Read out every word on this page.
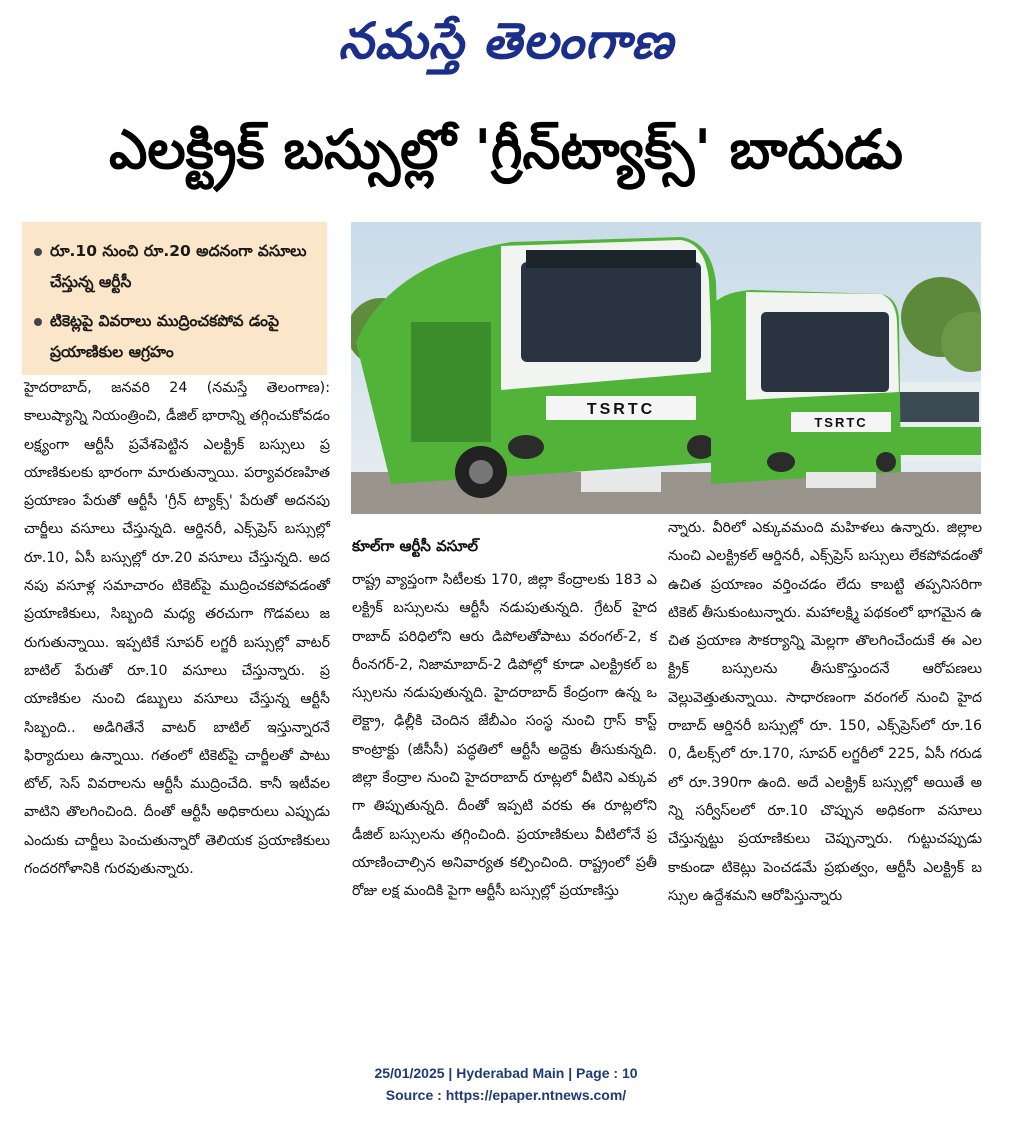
నమస్తే తెలంగాణ
ఎలక్ట్రిక్ బస్సుల్లో 'గ్రీన్‌ట్యాక్స్' బాదుడు
రూ.10 నుంచి రూ.20 అదనంగా వసూలు చేస్తున్న ఆర్టీసీ
టికెట్లపై వివరాలు ముద్రించకపోవ డంపై ప్రయాణికుల ఆగ్రహం
TSRTC
TSRTC
హైదరాబాద్, జనవరి 24 (నమస్తే తెలంగాణ): కాలుష్యాన్ని నియంత్రించి, డీజిల్ భారాన్ని తగ్గించుకోవడం లక్ష్యంగా ఆర్టీసీ ప్రవేశపెట్టిన ఎలక్ట్రిక్ బస్సులు ప్రయాణికులకు భారంగా మారుతున్నాయి. పర్యావరణహిత ప్రయాణం పేరుతో ఆర్టీసీ 'గ్రీన్ ట్యాక్స్' పేరుతో అదనపు చార్జీలు వసూలు చేస్తున్నది. ఆర్డినరీ, ఎక్స్‌ప్రెస్ బస్సుల్లో రూ.10, ఏసీ బస్సుల్లో రూ.20 వసూలు చేస్తున్నది. అదనపు వసూళ్ల సమాచారం టికెట్‌పై ముద్రించకపోవడంతో ప్రయాణికులు, సిబ్బంది మధ్య తరచుగా గొడవలు జరుగుతున్నాయి. ఇప్పటికే సూపర్ లగ్జరీ బస్సుల్లో వాటర్ బాటిల్ పేరుతో రూ.10 వసూలు చేస్తున్నారు. ప్రయాణికుల నుంచి డబ్బులు వసూలు చేస్తున్న ఆర్టీసీ సిబ్బంది.. అడిగితేనే వాటర్ బాటిల్ ఇస్తున్నారనే ఫిర్యాదులు ఉన్నాయి. గతంలో టికెట్‌పై చార్జీలతో పాటు టోల్, సెస్ వివరాలను ఆర్టీసీ ముద్రించేది. కానీ ఇటీవల వాటిని తొలగించింది. దీంతో ఆర్టీసీ అధికారులు ఎప్పుడు ఎందుకు చార్జీలు పెంచుతున్నారో తెలియక ప్రయాణికులు గందరగోళానికి గురవుతున్నారు.
కూల్‌గా ఆర్టీసీ వసూల్
రాష్ట్ర వ్యాప్తంగా సిటీలకు 170, జిల్లా కేంద్రాలకు 183 ఎలక్ట్రిక్ బస్సులను ఆర్టీసీ నడుపుతున్నది. గ్రేటర్ హైదరాబాద్ పరిధిలోని ఆరు డిపోలతోపాటు వరంగల్-2, కరీంనగర్-2, నిజామాబాద్-2 డిపోల్లో కూడా ఎలక్ట్రికల్ బస్సులను నడుపుతున్నది. హైదరాబాద్ కేంద్రంగా ఉన్న ఒలెక్ట్రా, ఢిల్లీకి చెందిన జేబీఎం సంస్థ నుంచి గ్రాస్ కాస్ట్ కాంట్రాక్టు (జీసీసీ) పద్ధతిలో ఆర్టీసీ అద్దెకు తీసుకున్నది. జిల్లా కేంద్రాల నుంచి హైదరాబాద్ రూట్లలో వీటిని ఎక్కువగా తిప్పుతున్నది. దీంతో ఇప్పటి వరకు ఈ రూట్లలోని డీజిల్ బస్సులను తగ్గించింది. ప్రయాణికులు వీటిలోనే ప్రయాణించాల్సిన అనివార్యత కల్పించింది. రాష్ట్రంలో ప్రతీ రోజు లక్ష మందికి పైగా ఆర్టీసీ బస్సుల్లో ప్రయాణిస్తు
న్నారు. వీరిలో ఎక్కువమంది మహిళలు ఉన్నారు. జిల్లాల నుంచి ఎలక్ట్రికల్ ఆర్డినరీ, ఎక్స్‌ప్రెస్ బస్సులు లేకపోవడంతో ఉచిత ప్రయాణం వర్తించడం లేదు కాబట్టి తప్పనిసరిగా టికెట్ తీసుకుంటున్నారు. మహాలక్ష్మి పథకంలో భాగమైన ఉచిత ప్రయాణ సౌకర్యాన్ని మెల్లగా తొలగించేందుకే ఈ ఎలక్ట్రిక్ బస్సులను తీసుకొస్తుందనే ఆరోపణలు వెల్లువెత్తుతున్నాయి. సాధారణంగా వరంగల్ నుంచి హైదరాబాద్ ఆర్డినరీ బస్సుల్లో రూ. 150, ఎక్స్‌ప్రెస్‌లో రూ.160, డీలక్స్‌లో రూ.170, సూపర్ లగ్జరీలో 225, ఏసీ గరుడలో రూ.390గా ఉంది. అదే ఎలక్ట్రిక్ బస్సుల్లో అయితే అన్ని సర్వీస్‌లలో రూ.10 చొప్పున అధికంగా వసూలు చేస్తున్నట్టు ప్రయాణికులు చెప్పున్నారు. గుట్టుచప్పుడు కాకుండా టికెట్లు పెంచడమే ప్రభుత్వం, ఆర్టీసీ ఎలక్ట్రిక్ బస్సుల ఉద్దేశమని ఆరోపిస్తున్నారు
25/01/2025 | Hyderabad Main | Page : 10
Source : https://epaper.ntnews.com/
